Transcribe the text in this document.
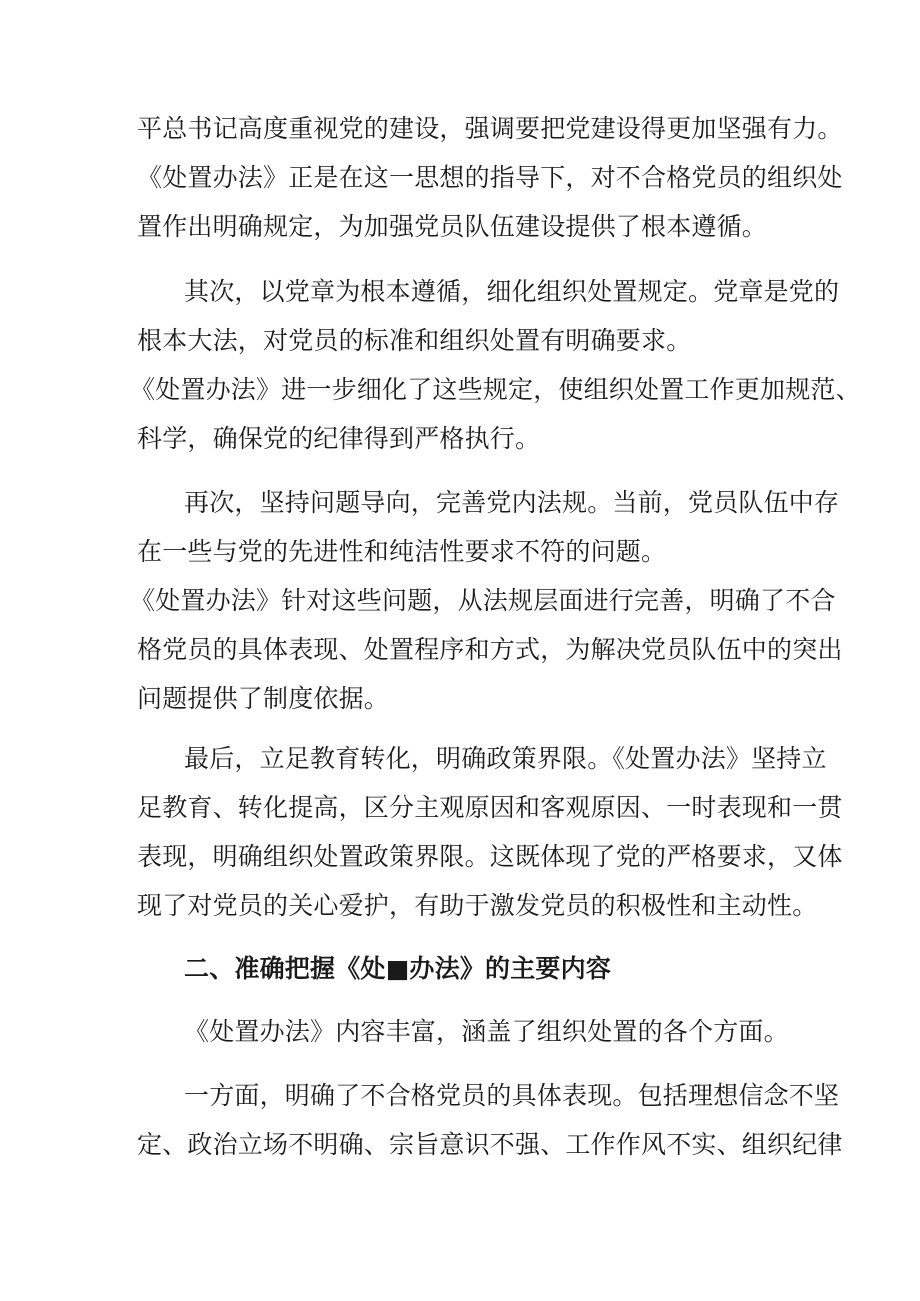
平总书记高度重视党的建设，强调要把党建设得更加坚强有力。
《处置办法》正是在这一思想的指导下，对不合格党员的组织处
置作出明确规定，为加强党员队伍建设提供了根本遵循。
其次，以党章为根本遵循，细化组织处置规定。党章是党的
根本大法，对党员的标准和组织处置有明确要求。
《处置办法》进一步细化了这些规定，使组织处置工作更加规范、
科学，确保党的纪律得到严格执行。
再次，坚持问题导向，完善党内法规。当前，党员队伍中存
在一些与党的先进性和纯洁性要求不符的问题。
《处置办法》针对这些问题，从法规层面进行完善，明确了不合
格党员的具体表现、处置程序和方式，为解决党员队伍中的突出
问题提供了制度依据。
最后，立足教育转化，明确政策界限。《处置办法》坚持立
足教育、转化提高，区分主观原因和客观原因、一时表现和一贯
表现，明确组织处置政策界限。这既体现了党的严格要求，又体
现了对党员的关心爱护，有助于激发党员的积极性和主动性。
二、准确把握《处■办法》的主要内容
《处置办法》内容丰富，涵盖了组织处置的各个方面。
一方面，明确了不合格党员的具体表现。包括理想信念不坚
定、政治立场不明确、宗旨意识不强、工作作风不实、组织纪律
